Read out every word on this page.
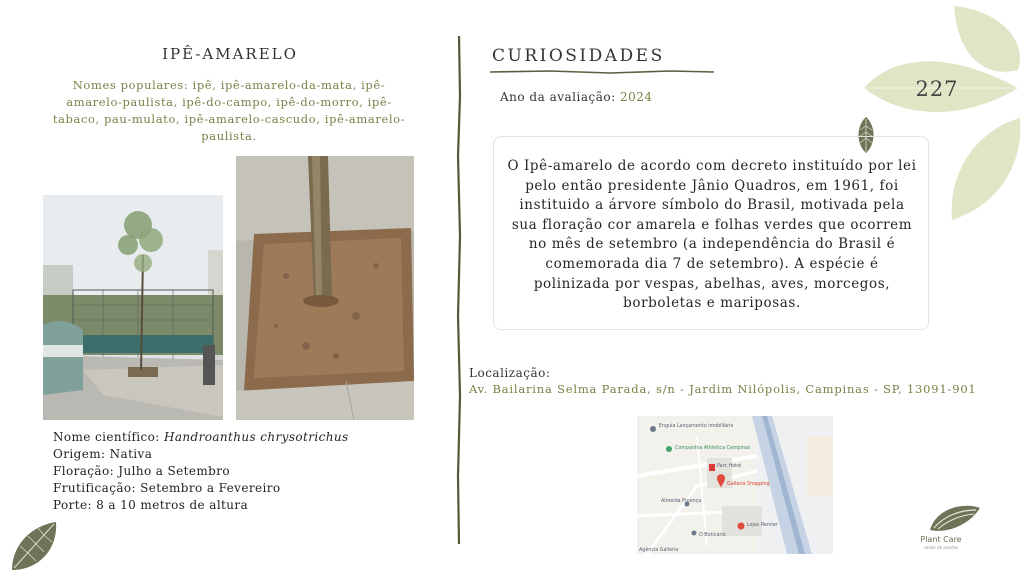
227
IPÊ-AMARELO
Nomes populares: ipê, ipê-amarelo-da-mata, ipê-amarelo-paulista, ipê-do-campo, ipê-do-morro, ipê-tabaco, pau-mulato, ipê-amarelo-cascudo, ipê-amarelo-paulista.
Nome científico: Handroanthus chrysotrichus
Origem: Nativa
Floração: Julho a Setembro
Frutificação: Setembro a Fevereiro
Porte: 8 a 10 metros de altura
CURIOSIDADES
Ano da avaliação: 2024
O Ipê-amarelo de acordo com decreto instituído por lei pelo então presidente Jânio Quadros, em 1961, foi instituido a árvore símbolo do Brasil, motivada pela sua floração cor amarela e folhas verdes que ocorrem no mês de setembro (a independência do Brasil é comemorada dia 7 de setembro). A espécie é polinizada por vespas, abelhas, aves, morcegos, borboletas e mariposas.
Localização:
Av. Bailarina Selma Parada, s/n - Jardim Nilópolis, Campinas - SP, 13091-901
Enguia Lançamento imobiliário
Companhia Athletica Campinas
Parc Hotel
Galleria Shopping
Almeida Proença
Lojas Renner
O Boticário
Agência Galleria
Plant Care
saúde de plantas
